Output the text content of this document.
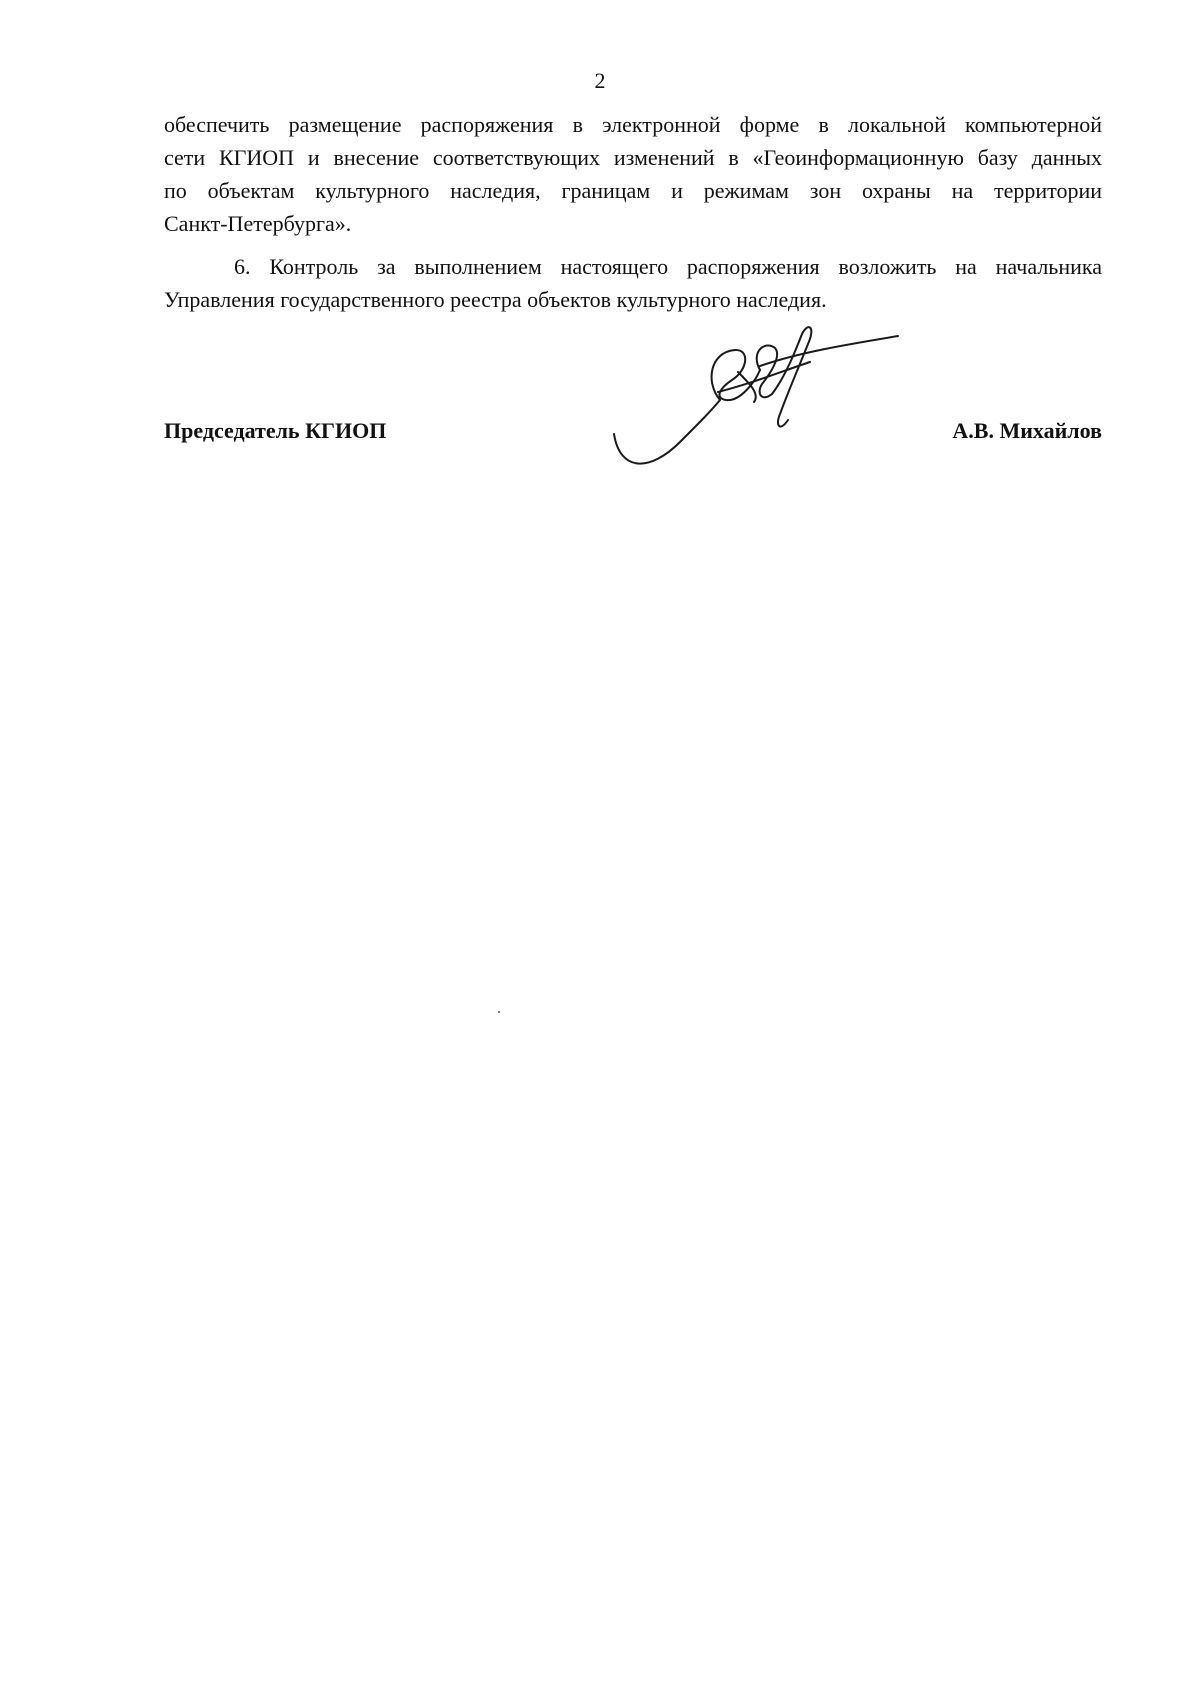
2
обеспечить размещение распоряжения в электронной форме в локальной компьютерной
сети КГИОП и внесение соответствующих изменений в «Геоинформационную базу данных
по объектам культурного наследия, границам и режимам зон охраны на территории
Санкт-Петербурга».
6. Контроль за выполнением настоящего распоряжения возложить на начальника
Управления государственного реестра объектов культурного наследия.
Председатель КГИОП	А.В. Михайлов
